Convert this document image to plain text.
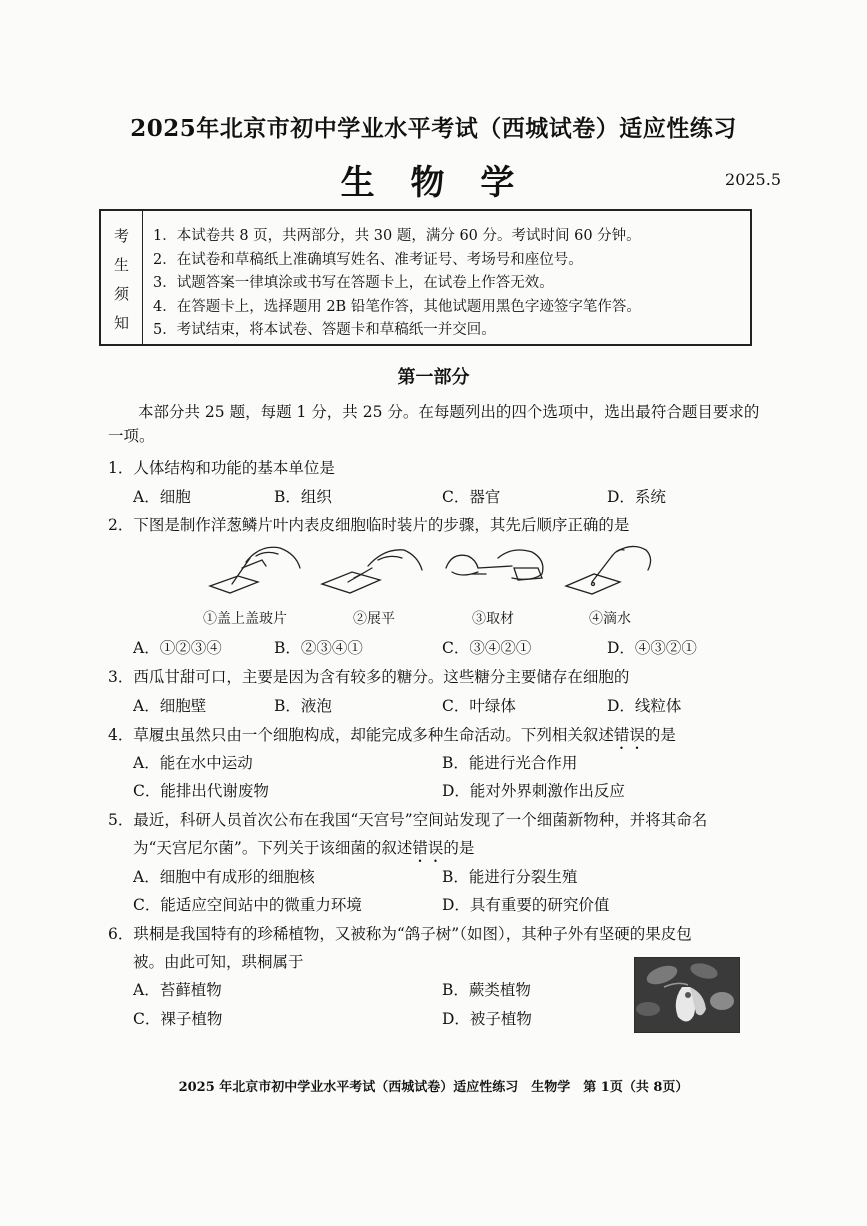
2025年北京市初中学业水平考试（西城试卷）适应性练习
生 物 学	2025.5
考
生
须
知
1．本试卷共 8 页，共两部分，共 30 题，满分 60 分。考试时间 60 分钟。
2．在试卷和草稿纸上准确填写姓名、准考证号、考场号和座位号。
3．试题答案一律填涂或书写在答题卡上，在试卷上作答无效。
4．在答题卡上，选择题用 2B 铅笔作答，其他试题用黑色字迹签字笔作答。
5．考试结束，将本试卷、答题卡和草稿纸一并交回。
第一部分
本部分共 25 题，每题 1 分，共 25 分。在每题列出的四个选项中，选出最符合题目要求的一项。
1．人体结构和功能的基本单位是
A．细胞	B．组织	C．器官	D．系统
2．下图是制作洋葱鳞片叶内表皮细胞临时装片的步骤，其先后顺序正确的是
①盖上盖玻片	②展平	③取材	④滴水
A．①②③④	B．②③④①	C．③④②①	D．④③②①
3．西瓜甘甜可口，主要是因为含有较多的糖分。这些糖分主要储存在细胞的
A．细胞壁	B．液泡	C．叶绿体	D．线粒体
4．草履虫虽然只由一个细胞构成，却能完成多种生命活动。下列相关叙述错误的是
A．能在水中运动	B．能进行光合作用
C．能排出代谢废物	D．能对外界刺激作出反应
5．最近，科研人员首次公布在我国“天宫号”空间站发现了一个细菌新物种，并将其命名
为“天宫尼尔菌”。下列关于该细菌的叙述错误的是
A．细胞中有成形的细胞核	B．能进行分裂生殖
C．能适应空间站中的微重力环境	D．具有重要的研究价值
6．珙桐是我国特有的珍稀植物，又被称为“鸽子树”（如图），其种子外有坚硬的果皮包
被。由此可知，珙桐属于
A．苔藓植物	B．蕨类植物
C．裸子植物	D．被子植物
2025 年北京市初中学业水平考试（西城试卷）适应性练习　生物学　第 1页（共 8页）
